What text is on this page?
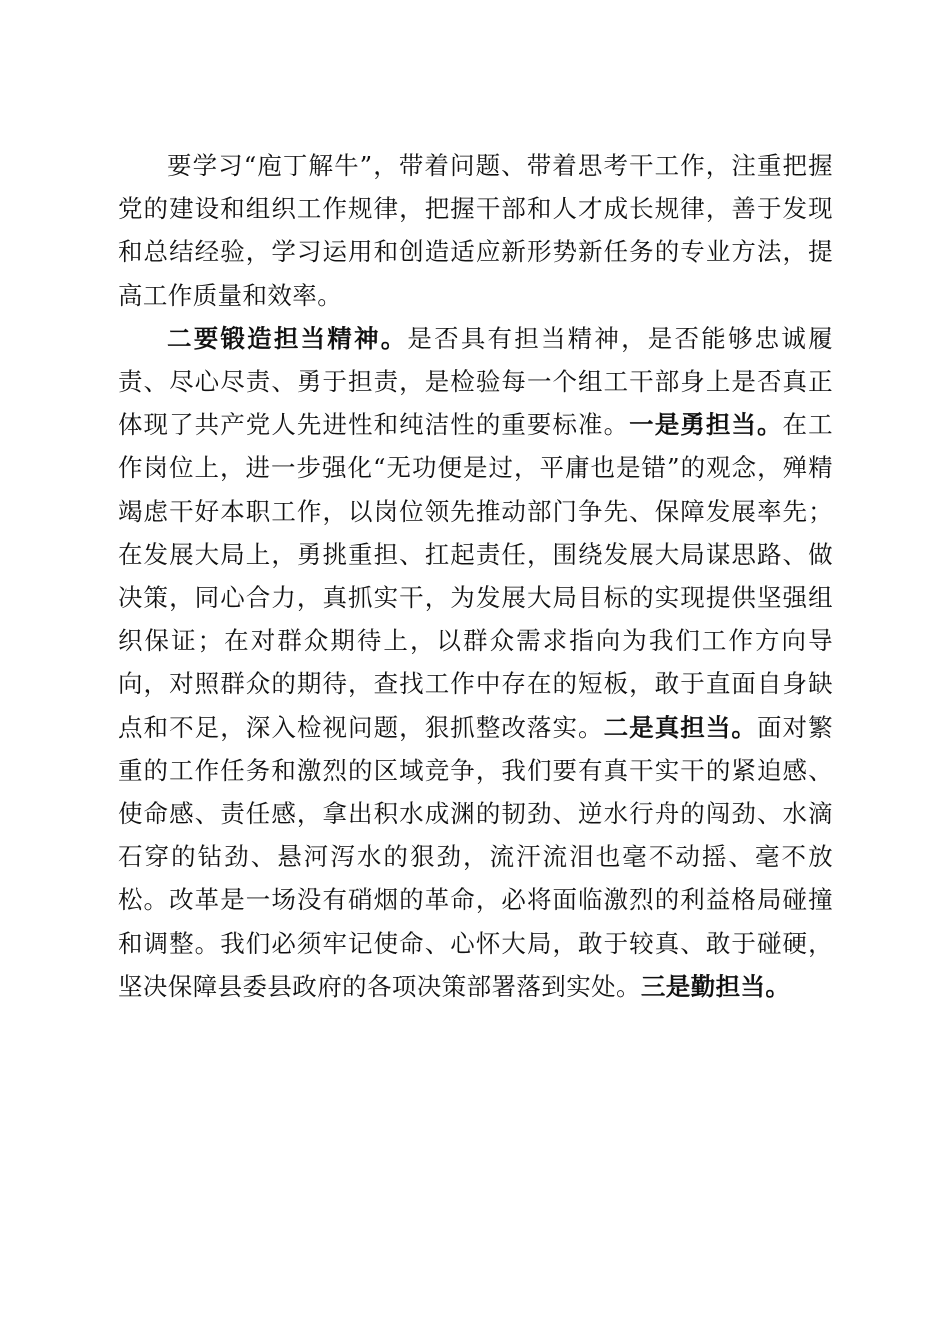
要学习“庖丁解牛”，带着问题、带着思考干工作，注重把握党的建设和组织工作规律，把握干部和人才成长规律，善于发现和总结经验，学习运用和创造适应新形势新任务的专业方法，提高工作质量和效率。

二要锻造担当精神。是否具有担当精神，是否能够忠诚履责、尽心尽责、勇于担责，是检验每一个组工干部身上是否真正体现了共产党人先进性和纯洁性的重要标准。一是勇担当。在工作岗位上，进一步强化“无功便是过，平庸也是错”的观念，殚精竭虑干好本职工作，以岗位领先推动部门争先、保障发展率先；在发展大局上，勇挑重担、扛起责任，围绕发展大局谋思路、做决策，同心合力，真抓实干，为发展大局目标的实现提供坚强组织保证；在对群众期待上，以群众需求指向为我们工作方向导向，对照群众的期待，查找工作中存在的短板，敢于直面自身缺点和不足，深入检视问题，狠抓整改落实。二是真担当。面对繁重的工作任务和激烈的区域竞争，我们要有真干实干的紧迫感、使命感、责任感，拿出积水成渊的韧劲、逆水行舟的闯劲、水滴石穿的钻劲、悬河泻水的狠劲，流汗流泪也毫不动摇、毫不放松。改革是一场没有硝烟的革命，必将面临激烈的利益格局碰撞和调整。我们必须牢记使命、心怀大局，敢于较真、敢于碰硬，坚决保障县委县政府的各项决策部署落到实处。三是勤担当。
